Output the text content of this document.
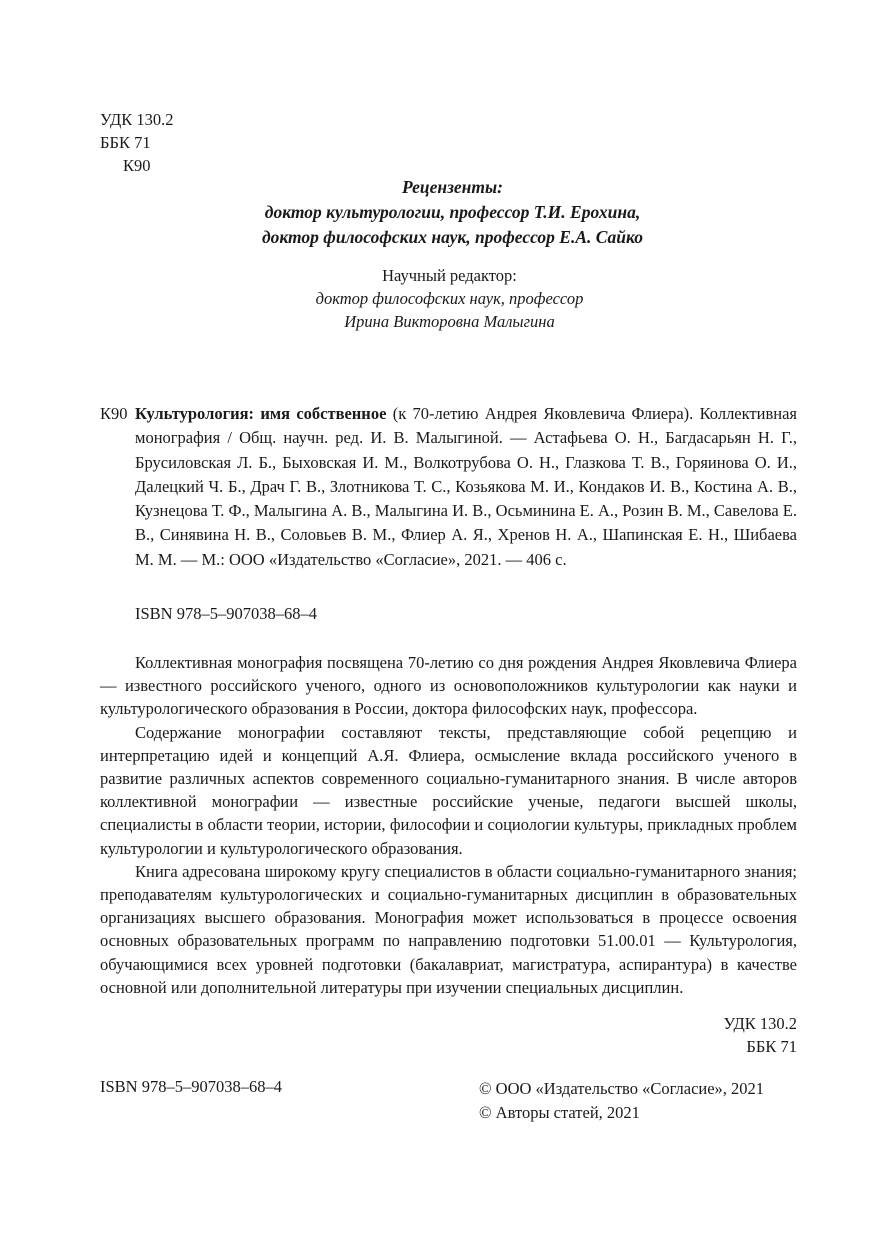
УДК 130.2
ББК 71
К90
Рецензенты:
доктор культурологии, профессор Т.И. Ерохина,
доктор философских наук, профессор Е.А. Сайко
Научный редактор:
доктор философских наук, профессор
Ирина Викторовна Малыгина
К90 Культурология: имя собственное (к 70-летию Андрея Яковлевича Флиера). Коллективная монография / Общ. научн. ред. И. В. Малыгиной. — Астафьева О. Н., Багдасарьян Н. Г., Брусиловская Л. Б., Быховская И. М., Волкотрубова О. Н., Глазкова Т. В., Горяинова О. И., Далецкий Ч. Б., Драч Г. В., Злотникова Т. С., Козьякова М. И., Кондаков И. В., Костина А. В., Кузнецова Т. Ф., Малыгина А. В., Малыгина И. В., Осьминина Е. А., Розин В. М., Савелова Е. В., Синявина Н. В., Соловьев В. М., Флиер А. Я., Хренов Н. А., Шапинская Е. Н., Шибаева М. М. — М.: ООО «Издательство «Согласие», 2021. — 406 с.
ISBN 978–5–907038–68–4

Коллективная монография посвящена 70-летию со дня рождения Андрея Яковлевича Флиера — известного российского ученого, одного из основоположников культурологии как науки и культурологического образования в России, доктора философских наук, профессора.

Содержание монографии составляют тексты, представляющие собой рецепцию и интерпретацию идей и концепций А.Я. Флиера, осмысление вклада российского ученого в развитие различных аспектов современного социально-гуманитарного знания. В числе авторов коллективной монографии — известные российские ученые, педагоги высшей школы, специалисты в области теории, истории, философии и социологии культуры, прикладных проблем культурологии и культурологического образования.

Книга адресована широкому кругу специалистов в области социально-гуманитарного знания; преподавателям культурологических и социально-гуманитарных дисциплин в образовательных организациях высшего образования. Монография может использоваться в процессе освоения основных образовательных программ по направлению подготовки 51.00.01 — Культурология, обучающимися всех уровней подготовки (бакалавриат, магистратура, аспирантура) в качестве основной или дополнительной литературы при изучении специальных дисциплин.

УДК 130.2
ББК 71
ISBN 978–5–907038–68–4	© ООО «Издательство «Согласие», 2021
© Авторы статей, 2021
